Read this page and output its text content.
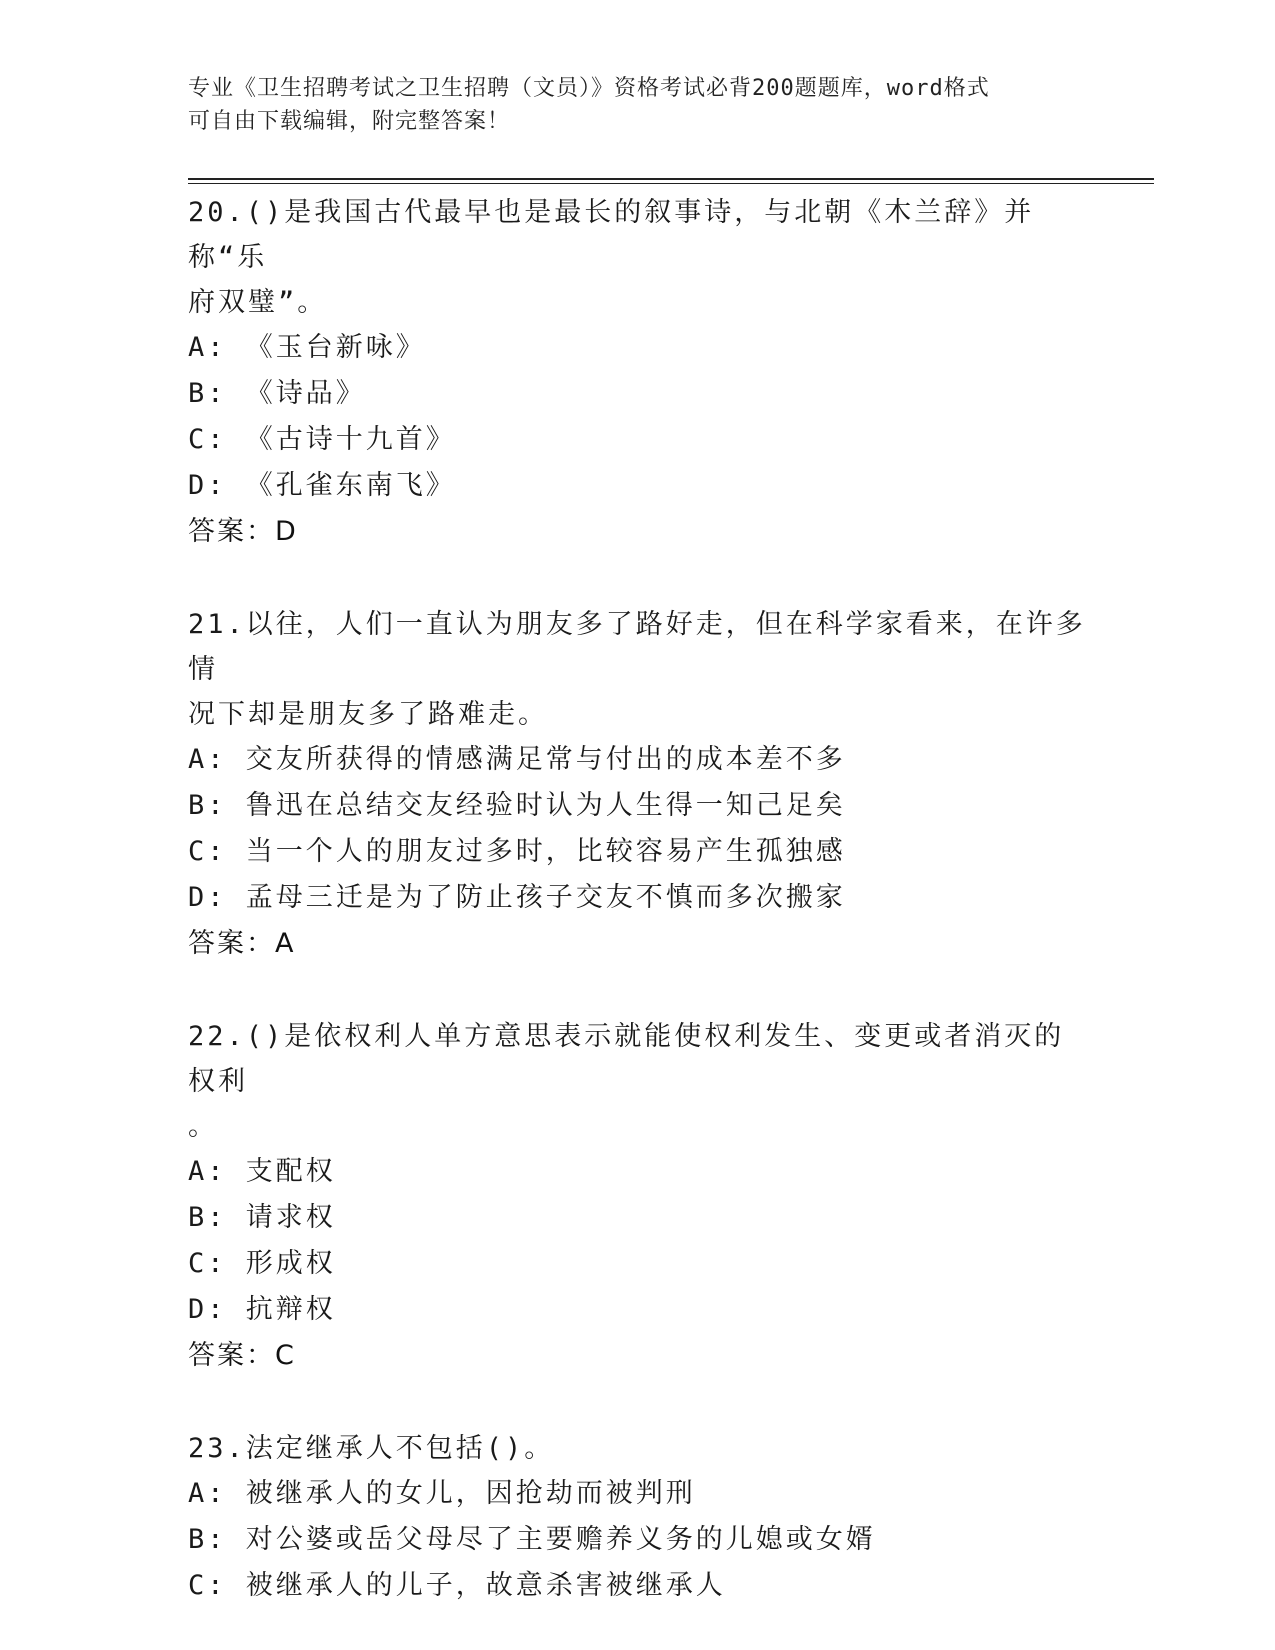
专业《卫生招聘考试之卫生招聘（文员）》资格考试必背200题题库，word格式
可自由下载编辑，附完整答案！
20.()是我国古代最早也是最长的叙事诗，与北朝《木兰辞》并称“乐
府双璧”。
A: 《玉台新咏》
B: 《诗品》
C: 《古诗十九首》
D: 《孔雀东南飞》
答案：D
21.以往，人们一直认为朋友多了路好走，但在科学家看来，在许多情
况下却是朋友多了路难走。
A: 交友所获得的情感满足常与付出的成本差不多
B: 鲁迅在总结交友经验时认为人生得一知己足矣
C: 当一个人的朋友过多时，比较容易产生孤独感
D: 孟母三迁是为了防止孩子交友不慎而多次搬家
答案：A
22.()是依权利人单方意思表示就能使权利发生、变更或者消灭的权利
。
A: 支配权
B: 请求权
C: 形成权
D: 抗辩权
答案：C
23.法定继承人不包括()。
A: 被继承人的女儿，因抢劫而被判刑
B: 对公婆或岳父母尽了主要赡养义务的儿媳或女婿
C: 被继承人的儿子，故意杀害被继承人
